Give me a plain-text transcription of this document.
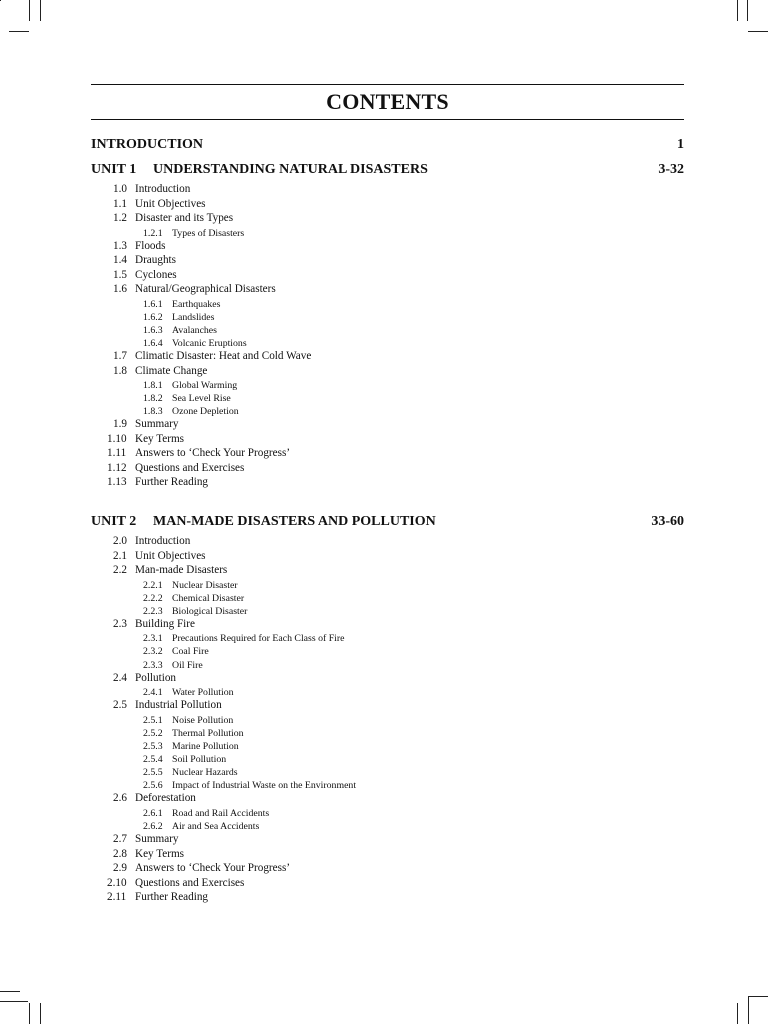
CONTENTS
INTRODUCTION	1
UNIT 1 UNDERSTANDING NATURAL DISASTERS	3-32
1.0 Introduction
1.1 Unit Objectives
1.2 Disaster and its Types
1.2.1 Types of Disasters
1.3 Floods
1.4 Draughts
1.5 Cyclones
1.6 Natural/Geographical Disasters
1.6.1 Earthquakes
1.6.2 Landslides
1.6.3 Avalanches
1.6.4 Volcanic Eruptions
1.7 Climatic Disaster: Heat and Cold Wave
1.8 Climate Change
1.8.1 Global Warming
1.8.2 Sea Level Rise
1.8.3 Ozone Depletion
1.9 Summary
1.10 Key Terms
1.11 Answers to ‘Check Your Progress’
1.12 Questions and Exercises
1.13 Further Reading
UNIT 2 MAN-MADE DISASTERS AND POLLUTION	33-60
2.0 Introduction
2.1 Unit Objectives
2.2 Man-made Disasters
2.2.1 Nuclear Disaster
2.2.2 Chemical Disaster
2.2.3 Biological Disaster
2.3 Building Fire
2.3.1 Precautions Required for Each Class of Fire
2.3.2 Coal Fire
2.3.3 Oil Fire
2.4 Pollution
2.4.1 Water Pollution
2.5 Industrial Pollution
2.5.1 Noise Pollution
2.5.2 Thermal Pollution
2.5.3 Marine Pollution
2.5.4 Soil Pollution
2.5.5 Nuclear Hazards
2.5.6 Impact of Industrial Waste on the Environment
2.6 Deforestation
2.6.1 Road and Rail Accidents
2.6.2 Air and Sea Accidents
2.7 Summary
2.8 Key Terms
2.9 Answers to ‘Check Your Progress’
2.10 Questions and Exercises
2.11 Further Reading
